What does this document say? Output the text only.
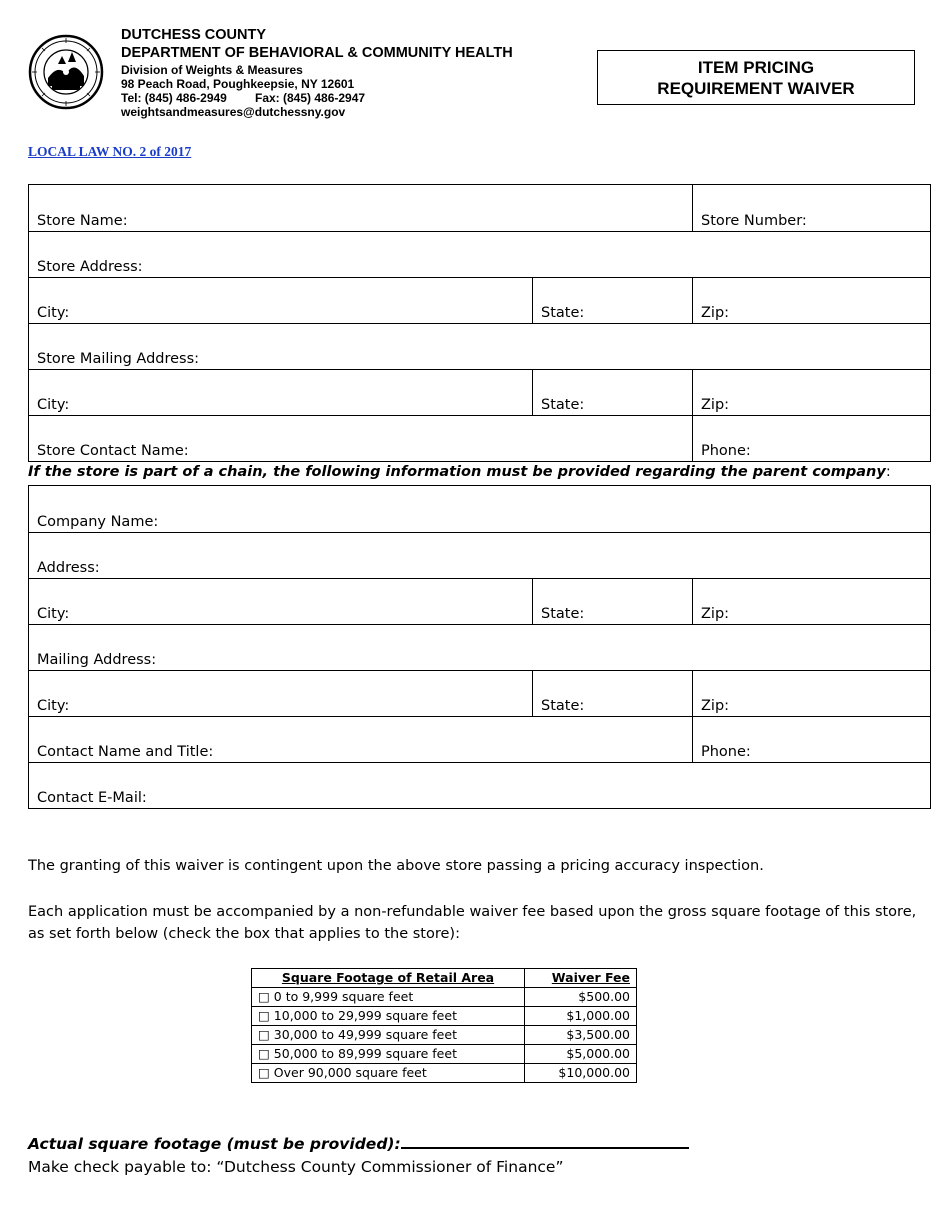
DUTCHESS COUNTY
DEPARTMENT OF BEHAVIORAL & COMMUNITY HEALTH
Division of Weights & Measures
98 Peach Road, Poughkeepsie, NY 12601
Tel: (845) 486-2949 Fax: (845) 486-2947
weightsandmeasures@dutchessny.gov
ITEM PRICING
REQUIREMENT WAIVER
LOCAL LAW NO. 2 of 2017
Store Name:	Store Number:
Store Address:
City:	State:	Zip:
Store Mailing Address:
City:	State:	Zip:
Store Contact Name:	Phone:
If the store is part of a chain, the following information must be provided regarding the parent company:
Company Name:
Address:
City:	State:	Zip:
Mailing Address:
City:	State:	Zip:
Contact Name and Title:	Phone:
Contact E-Mail:
The granting of this waiver is contingent upon the above store passing a pricing accuracy inspection.
Each application must be accompanied by a non-refundable waiver fee based upon the gross square footage of this store, as set forth below (check the box that applies to the store):
Square Footage of Retail Area	Waiver Fee
□ 0 to 9,999 square feet	$500.00
□ 10,000 to 29,999 square feet	$1,000.00
□ 30,000 to 49,999 square feet	$3,500.00
□ 50,000 to 89,999 square feet	$5,000.00
□ Over 90,000 square feet	$10,000.00
Actual square footage (must be provided):
Make check payable to: “Dutchess County Commissioner of Finance”
